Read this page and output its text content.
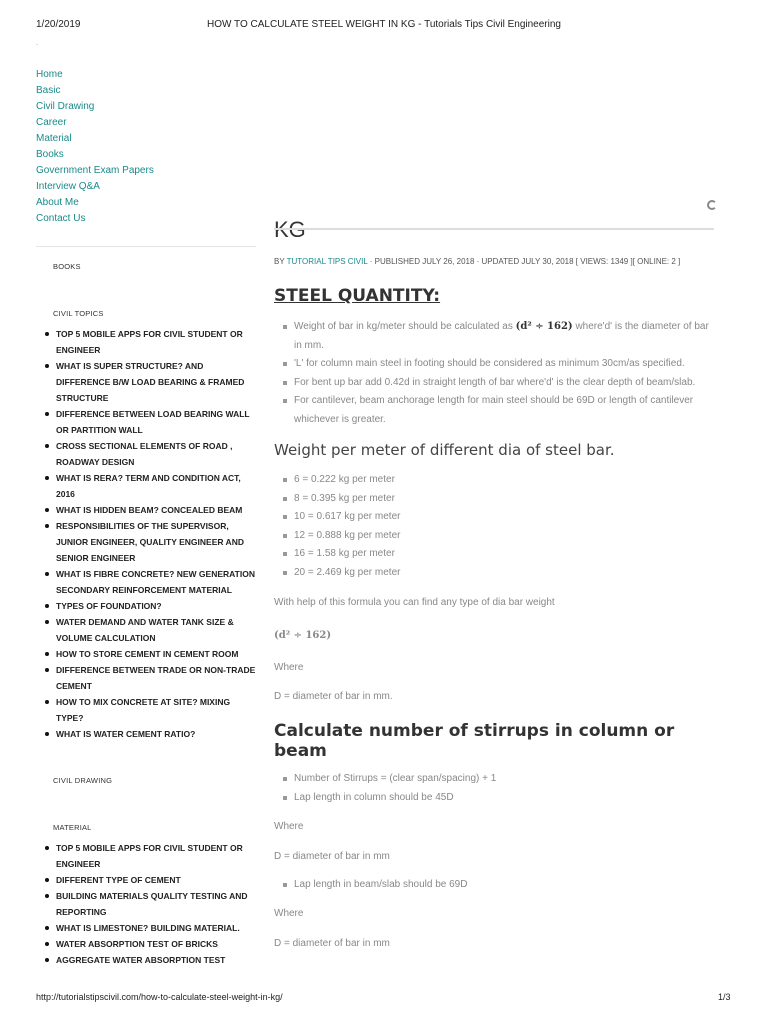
1/20/2019	HOW TO CALCULATE STEEL WEIGHT IN KG - Tutorials Tips Civil Engineering
.
Home
Basic
Civil Drawing
Career
Material
Books
Government Exam Papers
Interview Q&A
About Me
Contact Us	KG
BOOKS
CIVIL TOPICS
TOP 5 MOBILE APPS FOR CIVIL STUDENT OR ENGINEER
WHAT IS SUPER STRUCTURE? AND DIFFERENCE B/W LOAD BEARING & FRAMED STRUCTURE
DIFFERENCE BETWEEN LOAD BEARING WALL OR PARTITION WALL
CROSS SECTIONAL ELEMENTS OF ROAD , ROADWAY DESIGN
WHAT IS RERA? TERM AND CONDITION ACT, 2016
WHAT IS HIDDEN BEAM? CONCEALED BEAM
RESPONSIBILITIES OF THE SUPERVISOR, JUNIOR ENGINEER, QUALITY ENGINEER AND SENIOR ENGINEER
WHAT IS FIBRE CONCRETE? NEW GENERATION SECONDARY REINFORCEMENT MATERIAL
TYPES OF FOUNDATION?
WATER DEMAND AND WATER TANK SIZE & VOLUME CALCULATION
HOW TO STORE CEMENT IN CEMENT ROOM
DIFFERENCE BETWEEN TRADE OR NON-TRADE CEMENT
HOW TO MIX CONCRETE AT SITE? MIXING TYPE?
WHAT IS WATER CEMENT RATIO?
CIVIL DRAWING
MATERIAL
TOP 5 MOBILE APPS FOR CIVIL STUDENT OR ENGINEER
DIFFERENT TYPE OF CEMENT
BUILDING MATERIALS QUALITY TESTING AND REPORTING
WHAT IS LIMESTONE? BUILDING MATERIAL.
WATER ABSORPTION TEST OF BRICKS
AGGREGATE WATER ABSORPTION TEST
BY TUTORIAL TIPS CIVIL · PUBLISHED JULY 26, 2018 · UPDATED JULY 30, 2018 [ VIEWS: 1349 ][ ONLINE: 2 ]
STEEL QUANTITY:
Weight of bar in kg/meter should be calculated as (d² ÷ 162) where'd' is the diameter of bar in mm.
'L' for column main steel in footing should be considered as minimum 30cm/as specified.
For bent up bar add 0.42d in straight length of bar where'd' is the clear depth of beam/slab.
For cantilever, beam anchorage length for main steel should be 69D or length of cantilever whichever is greater.
Weight per meter of different dia of steel bar.
6 = 0.222 kg per meter
8 = 0.395 kg per meter
10 = 0.617 kg per meter
12 = 0.888 kg per meter
16 = 1.58 kg per meter
20 = 2.469 kg per meter

With help of this formula you can find any type of dia bar weight

(d² ÷ 162)

Where

D = diameter of bar in mm.

Calculate number of stirrups in column or beam
Number of Stirrups = (clear span/spacing) + 1
Lap length in column should be 45D

Where

D = diameter of bar in mm

Lap length in beam/slab should be 69D

Where

D = diameter of bar in mm

http://tutorialstipscivil.com/how-to-calculate-steel-weight-in-kg/	1/3
